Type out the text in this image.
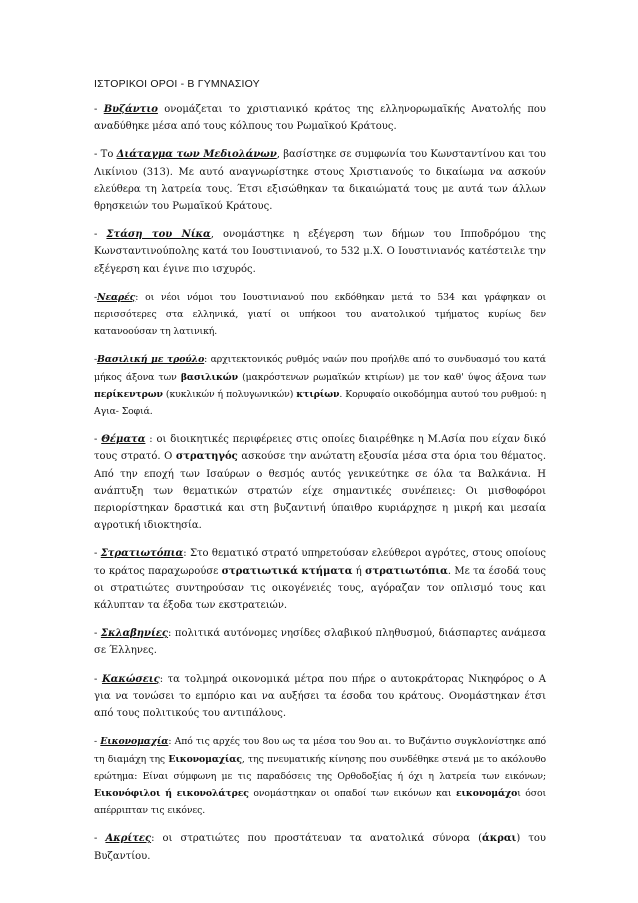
ΙΣΤΟΡΙΚΟΙ ΟΡΟΙ - Β ΓΥΜΝΑΣΙΟΥ

- Βυζάντιο ονομάζεται το χριστιανικό κράτος της ελληνορωμαϊκής Ανατολής που αναδύθηκε μέσα από τους κόλπους του Ρωμαϊκού Κράτους.

- Το Διάταγμα των Μεδιολάνων, βασίστηκε σε συμφωνία του Κωνσταντίνου και του Λικίνιου (313). Με αυτό αναγνωρίστηκε στους Χριστιανούς το δικαίωμα να ασκούν ελεύθερα τη λατρεία τους. Έτσι εξισώθηκαν τα δικαιώματά τους με αυτά των άλλων θρησκειών του Ρωμαϊκού Κράτους.

- Στάση του Νίκα, ονομάστηκε η εξέγερση των δήμων του Ιπποδρόμου της Κωνσταντινούπολης κατά του Ιουστινιανού, το 532 μ.Χ. Ο Ιουστινιανός κατέστειλε την εξέγερση και έγινε πιο ισχυρός.

-Νεαρές: οι νέοι νόμοι του Ιουστινιανού που εκδόθηκαν μετά το 534 και γράφηκαν οι περισσότερες στα ελληνικά, γιατί οι υπήκοοι του ανατολικού τμήματος κυρίως δεν κατανοούσαν τη λατινική.

-Βασιλική με τρούλο: αρχιτεκτονικός ρυθμός ναών που προήλθε από το συνδυασμό του κατά μήκος άξονα των βασιλικών (μακρόστενων ρωμαϊκών κτιρίων) με τον καθ' ύψος άξονα των περίκεντρων (κυκλικών ή πολυγωνικών) κτιρίων. Κορυφαίο οικοδόμημα αυτού του ρυθμού: η Αγια- Σοφιά.

- Θέματα : οι διοικητικές περιφέρειες στις οποίες διαιρέθηκε η Μ.Ασία που είχαν δικό τους στρατό. Ο στρατηγός ασκούσε την ανώτατη εξουσία μέσα στα όρια του θέματος. Από την εποχή των Ισαύρων ο θεσμός αυτός γενικεύτηκε σε όλα τα Βαλκάνια. Η ανάπτυξη των θεματικών στρατών είχε σημαντικές συνέπειες: Οι μισθοφόροι περιορίστηκαν δραστικά και στη βυζαντινή ύπαιθρο κυριάρχησε η μικρή και μεσαία αγροτική ιδιοκτησία.

- Στρατιωτόπια: Στο θεματικό στρατό υπηρετούσαν ελεύθεροι αγρότες, στους οποίους το κράτος παραχωρούσε στρατιωτικά κτήματα ή στρατιωτόπια. Με τα έσοδά τους οι στρατιώτες συντηρούσαν τις οικογένειές τους, αγόραζαν τον οπλισμό τους και κάλυπταν τα έξοδα των εκστρατειών.

- Σκλαβηνίες: πολιτικά αυτόνομες νησίδες σλαβικού πληθυσμού, διάσπαρτες ανάμεσα σε Έλληνες.

- Κακώσεις: τα τολμηρά οικονομικά μέτρα που πήρε ο αυτοκράτορας Νικηφόρος ο Α για να τονώσει το εμπόριο και να αυξήσει τα έσοδα του κράτους. Ονομάστηκαν έτσι από τους πολιτικούς του αντιπάλους.

- Εικονομαχία: Από τις αρχές του 8ου ως τα μέσα του 9ου αι. το Βυζάντιο συγκλονίστηκε από τη διαμάχη της Εικονομαχίας, της πνευματικής κίνησης που συνδέθηκε στενά με το ακόλουθο ερώτημα: Είναι σύμφωνη με τις παραδόσεις της Ορθοδοξίας ή όχι η λατρεία των εικόνων; Εικονόφιλοι ή εικονολάτρες ονομάστηκαν οι οπαδοί των εικόνων και εικονομάχοι όσοι απέρριπταν τις εικόνες.

- Ακρίτες: οι στρατιώτες που προστάτευαν τα ανατολικά σύνορα (άκραι) του Βυζαντίου.
